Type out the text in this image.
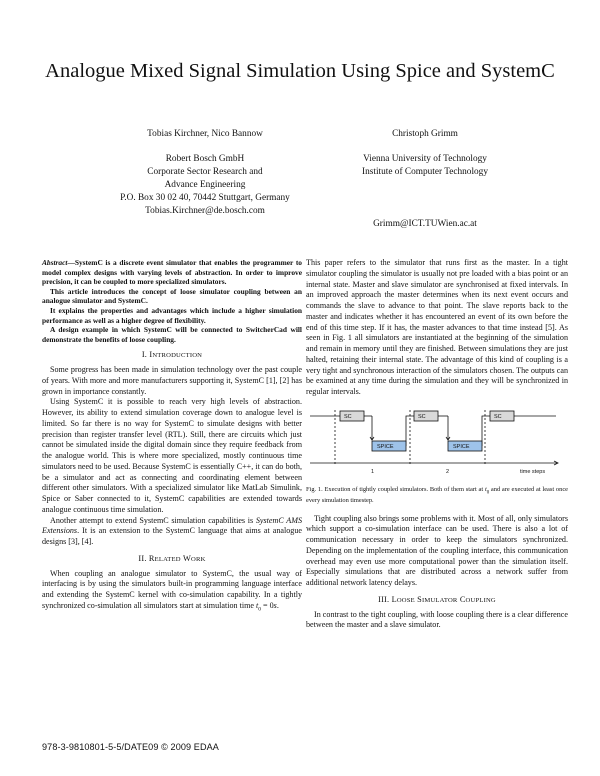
Analogue Mixed Signal Simulation Using Spice and SystemC
Tobias Kirchner, Nico Bannow
Robert Bosch GmbH
Corporate Sector Research and
Advance Engineering
P.O. Box 30 02 40, 70442 Stuttgart, Germany
Tobias.Kirchner@de.bosch.com
Christoph Grimm
Vienna University of Technology
Institute of Computer Technology
Grimm@ICT.TUWien.ac.at

Abstract—SystemC is a discrete event simulator that enables the programmer to model complex designs with varying levels of abstraction. In order to improve precision, it can be coupled to more specialized simulators.

This article introduces the concept of loose simulator coupling between an analogue simulator and SystemC.

It explains the properties and advantages which include a higher simulation performance as well as a higher degree of flexibility.

A design example in which SystemC will be connected to SwitcherCad will demonstrate the benefits of loose coupling.

I. INTRODUCTION

Some progress has been made in simulation technology over the past couple of years. With more and more manufacturers supporting it, SystemC [1], [2] has grown in importance constantly.

Using SystemC it is possible to reach very high levels of abstraction. However, its ability to extend simulation coverage down to analogue level is limited. So far there is no way for SystemC to simulate designs with better precision than register transfer level (RTL). Still, there are circuits which just cannot be simulated inside the digital domain since they require feedback from the analogue world. This is where more specialized, mostly continuous time simulators need to be used. Because SystemC is essentially C++, it can do both, be a simulator and act as connecting and coordinating element between different other simulators. With a specialized simulator like MatLab Simulink, Spice or Saber connected to it, SystemC capabilities are extended towards analogue continuous time simulation.

Another attempt to extend SystemC simulation capabilities is SystemC AMS Extensions. It is an extension to the SystemC language that aims at analogue designs [3], [4].

II. RELATED WORK

When coupling an analogue simulator to SystemC, the usual way of interfacing is by using the simulators built-in programming language interface and extending the SystemC kernel with co-simulation capability. In a tightly synchronized co-simulation all simulators start at simulation time $t_0 = 0s$.

This paper refers to the simulator that runs first as the master. In a tight simulator coupling the simulator is usually not pre loaded with a bias point or an internal state. Master and slave simulator are synchronised at fixed intervals. In an improved approach the master determines when its next event occurs and commands the slave to advance to that point. The slave reports back to the master and indicates whether it has encountered an event of its own before the end of this time step. If it has, the master advances to that time instead [5]. As seen in Fig. 1 all simulators are instantiated at the beginning of the simulation and remain in memory until they are finished. Between simulations they are just halted, retaining their internal state. The advantage of this kind of coupling is a very tight and synchronous interaction of the simulators chosen. The outputs can be examined at any time during the simulation and they will be synchronized in regular intervals.

SC	SC	SC
SPICE	SPICE
1	2	time steps

Fig. 1. Execution of tightly coupled simulators. Both of them start at $t_0$ and are executed at least once every simulation timestep.

Tight coupling also brings some problems with it. Most of all, only simulators which support a co-simulation interface can be used. There is also a lot of communication necessary in order to keep the simulators synchronized. Depending on the implementation of the coupling interface, this communication overhead may even use more computational power than the simulation itself. Especially simulations that are distributed across a network suffer from additional network latency delays.

III. LOOSE SIMULATOR COUPLING

In contrast to the tight coupling, with loose coupling there is a clear difference between the master and a slave simulator.

978-3-9810801-5-5/DATE09 © 2009 EDAA
